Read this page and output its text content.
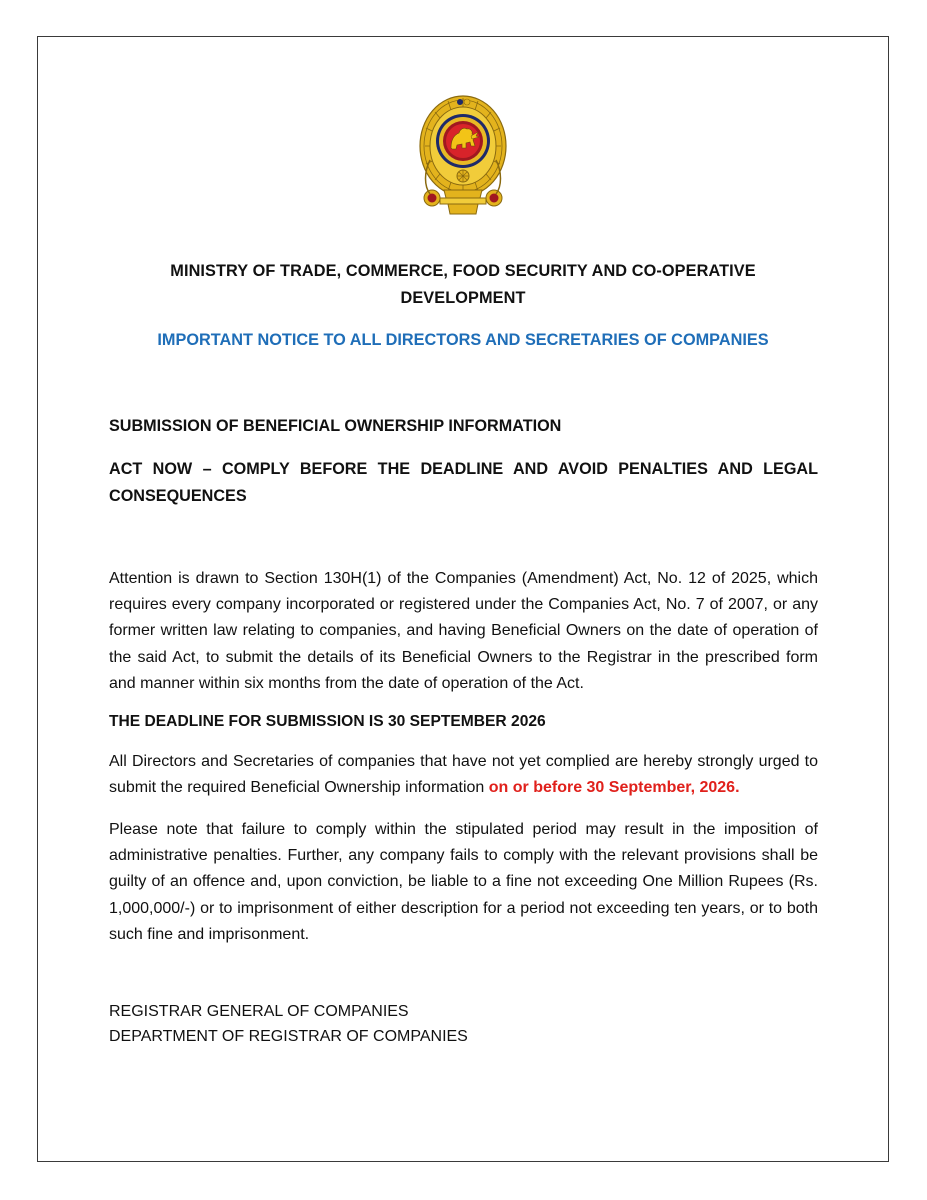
MINISTRY OF TRADE, COMMERCE, FOOD SECURITY AND CO-OPERATIVE
DEVELOPMENT
IMPORTANT NOTICE TO ALL DIRECTORS AND SECRETARIES OF COMPANIES
SUBMISSION OF BENEFICIAL OWNERSHIP INFORMATION
ACT NOW – COMPLY BEFORE THE DEADLINE AND AVOID PENALTIES AND LEGAL CONSEQUENCES
Attention is drawn to Section 130H(1) of the Companies (Amendment) Act, No. 12 of 2025, which requires every company incorporated or registered under the Companies Act, No. 7 of 2007, or any former written law relating to companies, and having Beneficial Owners on the date of operation of the said Act, to submit the details of its Beneficial Owners to the Registrar in the prescribed form and manner within six months from the date of operation of the Act.
THE DEADLINE FOR SUBMISSION IS 30 SEPTEMBER 2026
All Directors and Secretaries of companies that have not yet complied are hereby strongly urged to submit the required Beneficial Ownership information on or before 30 September, 2026.
Please note that failure to comply within the stipulated period may result in the imposition of administrative penalties. Further, any company fails to comply with the relevant provisions shall be guilty of an offence and, upon conviction, be liable to a fine not exceeding One Million Rupees (Rs. 1,000,000/-) or to imprisonment of either description for a period not exceeding ten years, or to both such fine and imprisonment.
REGISTRAR GENERAL OF COMPANIES
DEPARTMENT OF REGISTRAR OF COMPANIES
